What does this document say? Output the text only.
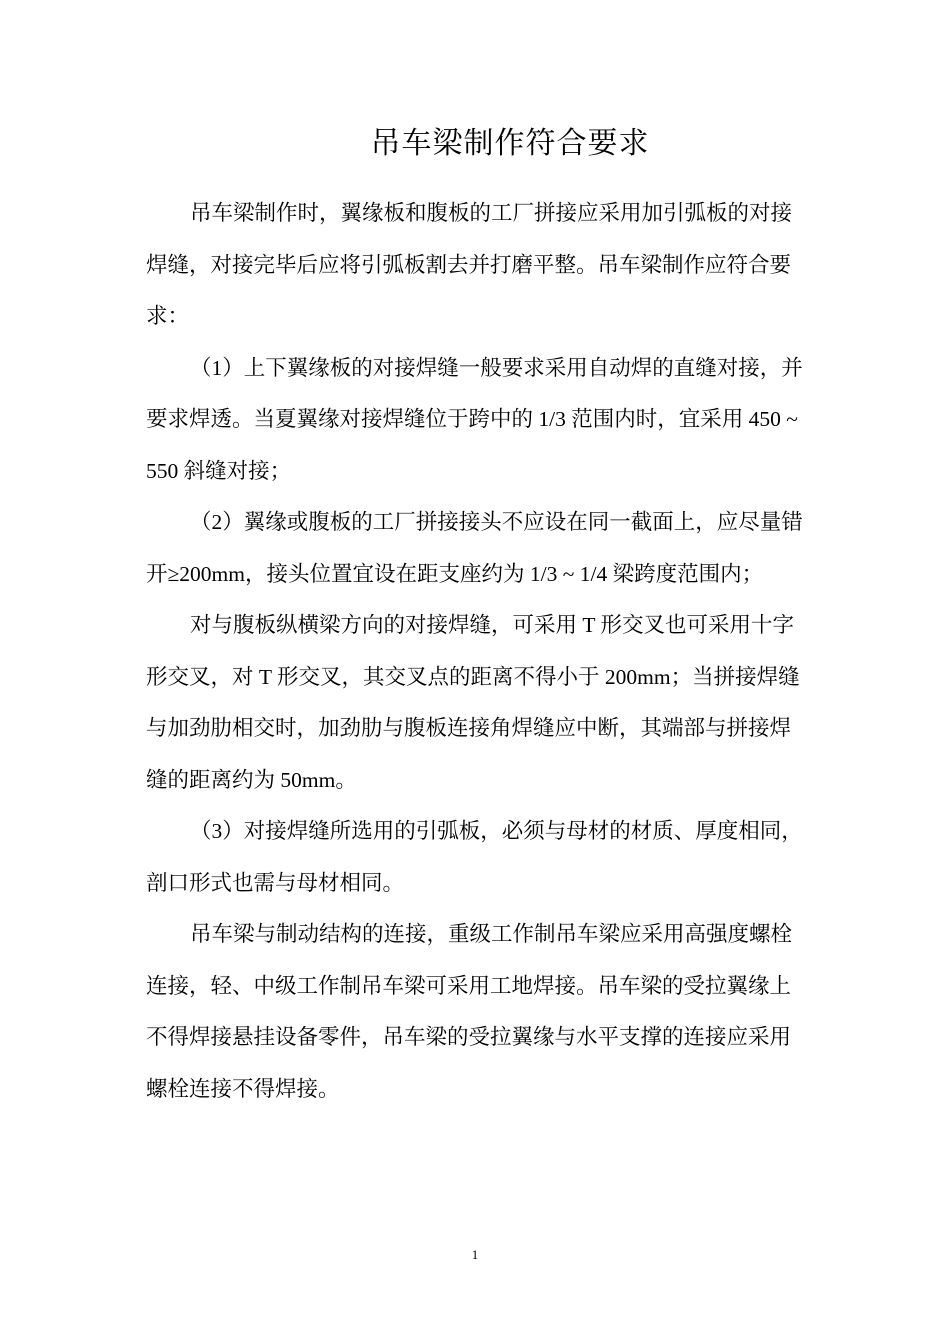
吊车梁制作符合要求

吊车梁制作时，翼缘板和腹板的工厂拼接应采用加引弧板的对接焊缝，对接完毕后应将引弧板割去并打磨平整。吊车梁制作应符合要求：

（1）上下翼缘板的对接焊缝一般要求采用自动焊的直缝对接，并要求焊透。当夏翼缘对接焊缝位于跨中的 1/3 范围内时，宜采用 450 ~ 550 斜缝对接；

（2）翼缘或腹板的工厂拼接接头不应设在同一截面上，应尽量错开≥200mm，接头位置宜设在距支座约为 1/3 ~ 1/4 梁跨度范围内；

对与腹板纵横梁方向的对接焊缝，可采用 T 形交叉也可采用十字形交叉，对 T 形交叉，其交叉点的距离不得小于 200mm；当拼接焊缝与加劲肋相交时，加劲肋与腹板连接角焊缝应中断，其端部与拼接焊缝的距离约为 50mm。

（3）对接焊缝所选用的引弧板，必须与母材的材质、厚度相同，剖口形式也需与母材相同。

吊车梁与制动结构的连接，重级工作制吊车梁应采用高强度螺栓连接，轻、中级工作制吊车梁可采用工地焊接。吊车梁的受拉翼缘上不得焊接悬挂设备零件，吊车梁的受拉翼缘与水平支撑的连接应采用螺栓连接不得焊接。

1
